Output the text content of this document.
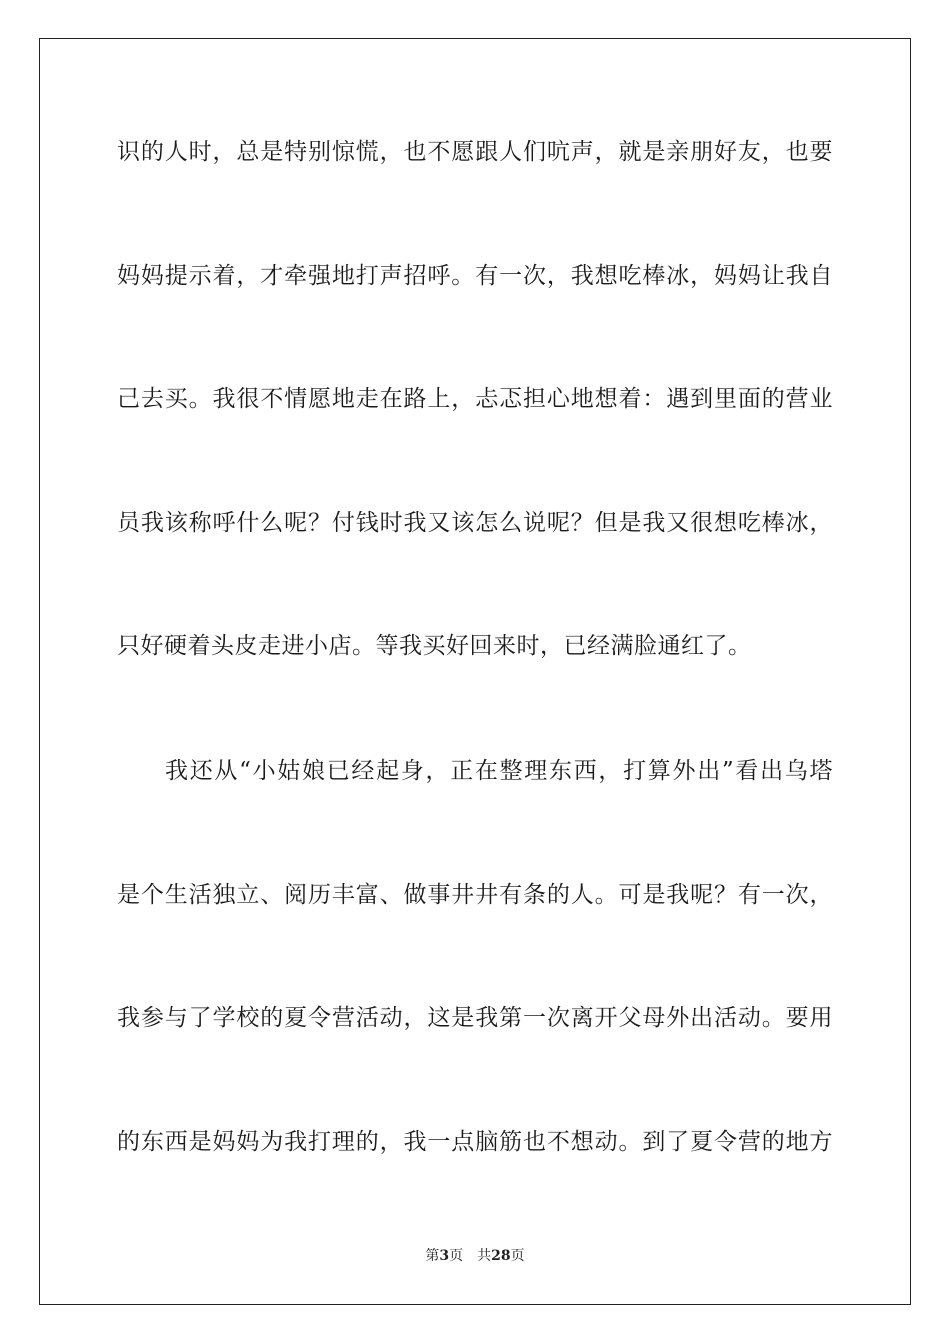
识的人时，总是特别惊慌，也不愿跟人们吭声，就是亲朋好友，也要
妈妈提示着，才牵强地打声招呼。有一次，我想吃棒冰，妈妈让我自
己去买。我很不情愿地走在路上，忐忑担心地想着：遇到里面的营业
员我该称呼什么呢？付钱时我又该怎么说呢？但是我又很想吃棒冰，
只好硬着头皮走进小店。等我买好回来时，已经满脸通红了。
我还从“小姑娘已经起身，正在整理东西，打算外出”看出乌塔
是个生活独立、阅历丰富、做事井井有条的人。可是我呢？有一次，
我参与了学校的夏令营活动，这是我第一次离开父母外出活动。要用
的东西是妈妈为我打理的，我一点脑筋也不想动。到了夏令营的地方
第3页 共28页
